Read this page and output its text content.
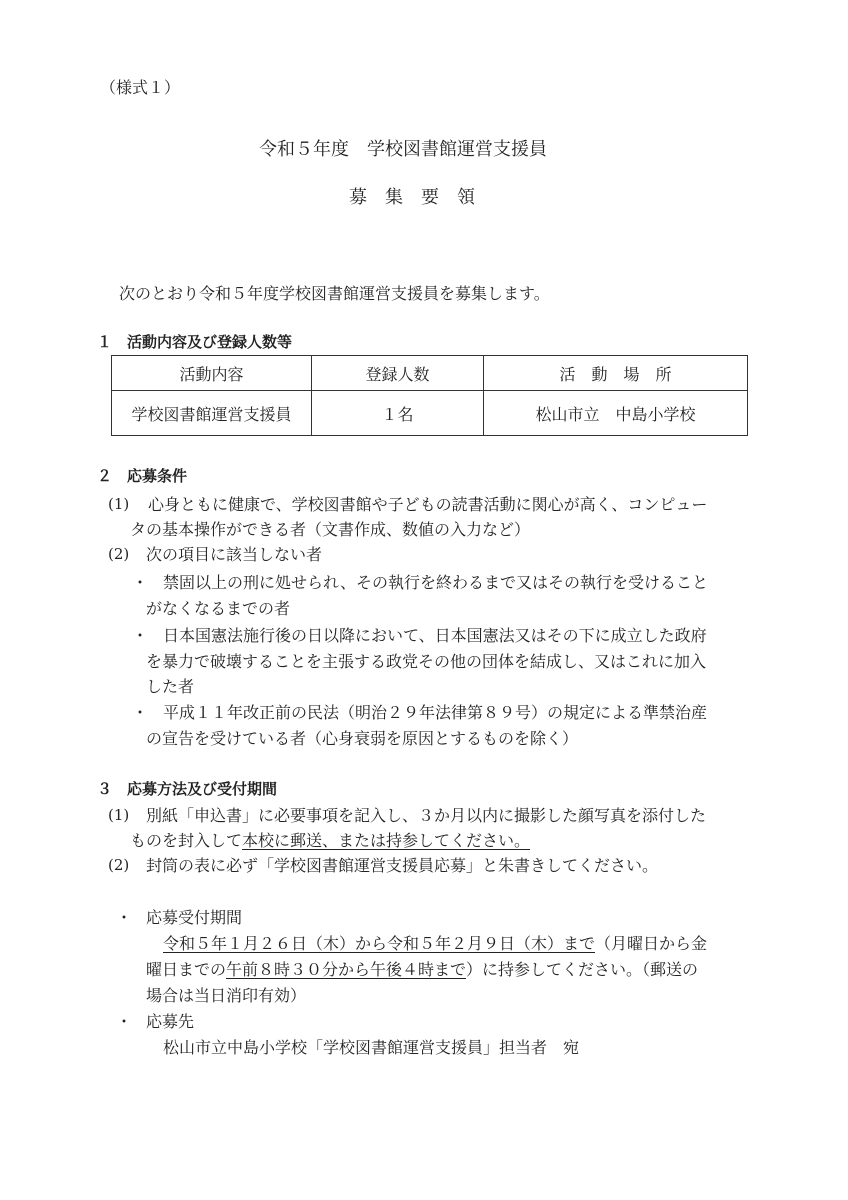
（様式１）
令和５年度　学校図書館運営支援員
募　集　要　領
次のとおり令和５年度学校図書館運営支援員を募集します。
１　活動内容及び登録人数等
活動内容	登録人数	活　動　場　所
学校図書館運営支援員	１名	松山市立　中島小学校
２　応募条件
(1) 心身ともに健康で、学校図書館や子どもの読書活動に関心が高く、コンピュー
タの基本操作ができる者（文書作成、数値の入力など）
(2) 次の項目に該当しない者
・ 禁固以上の刑に処せられ、その執行を終わるまで又はその執行を受けること
がなくなるまでの者
・ 日本国憲法施行後の日以降において、日本国憲法又はその下に成立した政府
を暴力で破壊することを主張する政党その他の団体を結成し、又はこれに加入
した者
・ 平成１１年改正前の民法（明治２９年法律第８９号）の規定による準禁治産
の宣告を受けている者（心身衰弱を原因とするものを除く）
３　応募方法及び受付期間
(1) 別紙「申込書」に必要事項を記入し、３か月以内に撮影した顔写真を添付した
ものを封入して本校に郵送、または持参してください。
(2) 封筒の表に必ず「学校図書館運営支援員応募」と朱書きしてください。
・ 応募受付期間
令和５年１月２６日（木）から令和５年２月９日（木）まで（月曜日から金
曜日までの午前８時３０分から午後４時まで）に持参してください。（郵送の
場合は当日消印有効）
・ 応募先
松山市立中島小学校「学校図書館運営支援員」担当者　宛
